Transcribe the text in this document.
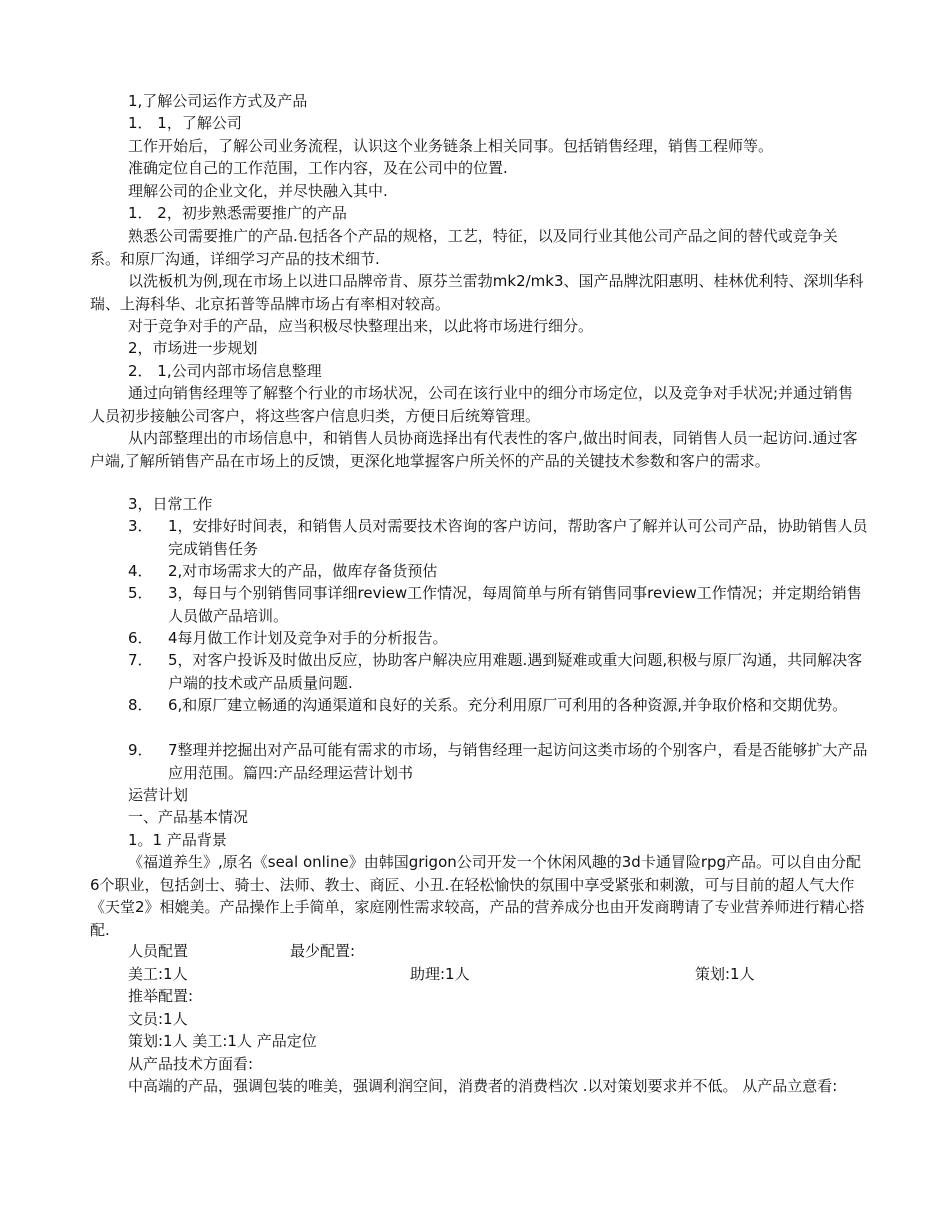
1,了解公司运作方式及产品
1． 1，了解公司
工作开始后，了解公司业务流程，认识这个业务链条上相关同事。包括销售经理，销售工程师等。
准确定位自己的工作范围，工作内容，及在公司中的位置.
理解公司的企业文化，并尽快融入其中.
1． 2，初步熟悉需要推广的产品
熟悉公司需要推广的产品.包括各个产品的规格，工艺，特征，以及同行业其他公司产品之间的替代或竞争关系。和原厂沟通，详细学习产品的技术细节.
以洗板机为例,现在市场上以进口品牌帝肯、原芬兰雷勃mk2/mk3、国产品牌沈阳惠明、桂林优利特、深圳华科瑞、上海科华、北京拓普等品牌市场占有率相对较高。
对于竞争对手的产品，应当积极尽快整理出来，以此将市场进行细分。
2，市场进一步规划
2． 1,公司内部市场信息整理
通过向销售经理等了解整个行业的市场状况，公司在该行业中的细分市场定位，以及竞争对手状况;并通过销售人员初步接触公司客户，将这些客户信息归类，方便日后统筹管理。
从内部整理出的市场信息中，和销售人员协商选择出有代表性的客户,做出时间表，同销售人员一起访问.通过客户端,了解所销售产品在市场上的反馈，更深化地掌握客户所关怀的产品的关键技术参数和客户的需求。
3，日常工作
3．	1，安排好时间表，和销售人员对需要技术咨询的客户访问，帮助客户了解并认可公司产品，协助销售人员完成销售任务
4．	2,对市场需求大的产品，做库存备货预估
5．	3，每日与个别销售同事详细review工作情况，每周简单与所有销售同事review工作情况；并定期给销售人员做产品培训。
6．	4每月做工作计划及竞争对手的分析报告。
7．	5，对客户投诉及时做出反应，协助客户解决应用难题.遇到疑难或重大问题,积极与原厂沟通，共同解决客户端的技术或产品质量问题.
8．	6,和原厂建立畅通的沟通渠道和良好的关系。充分利用原厂可利用的各种资源,并争取价格和交期优势。
9．	7整理并挖掘出对产品可能有需求的市场，与销售经理一起访问这类市场的个别客户，看是否能够扩大产品应用范围。篇四:产品经理运营计划书
运营计划
一、产品基本情况
1。1 产品背景
《福道养生》,原名《seal online》由韩国grigon公司开发一个休闲风趣的3d卡通冒险rpg产品。可以自由分配6个职业，包括剑士、骑士、法师、教士、商匠、小丑.在轻松愉快的氛围中享受紧张和刺激，可与目前的超人气大作《天堂2》相媲美。产品操作上手简单，家庭刚性需求较高，产品的营养成分也由开发商聘请了专业营养师进行精心搭配.
人员配置	最少配置:
美工:1人	助理:1人	策划:1人
推举配置:
文员:1人
策划:1人 美工:1人 产品定位
从产品技术方面看:
中高端的产品，强调包装的唯美，强调利润空间，消费者的消费档次 .以对策划要求并不低。 从产品立意看:
